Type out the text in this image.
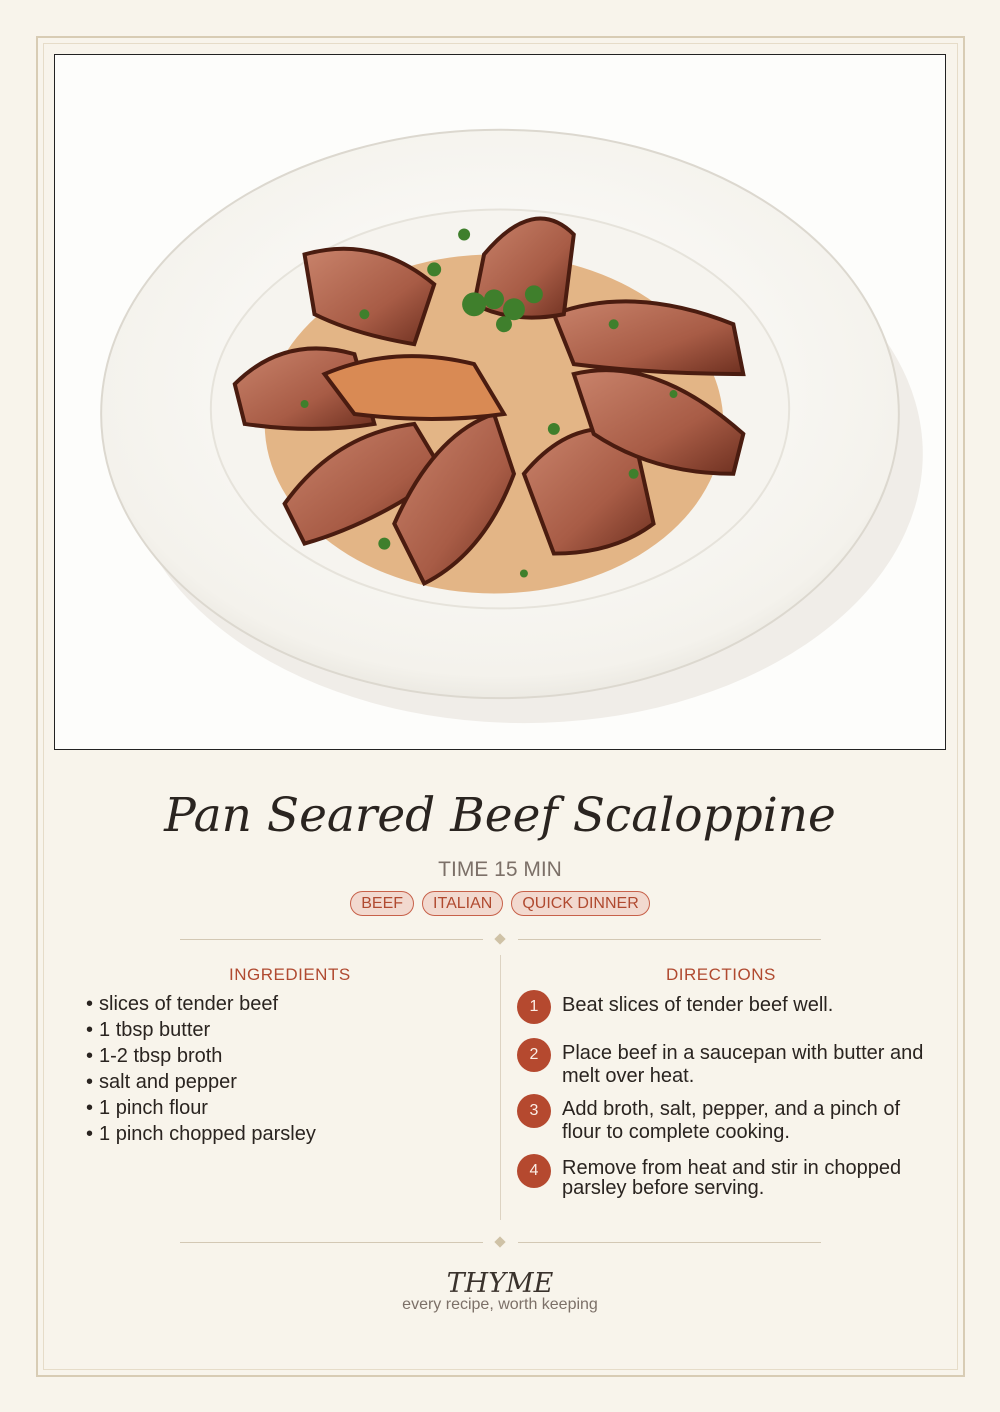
Pan Seared Beef Scaloppine
TIME 15 MIN
BEEF	ITALIAN	QUICK DINNER
INGREDIENTS	DIRECTIONS
• slices of tender beef
• 1 tbsp butter
• 1-2 tbsp broth
• salt and pepper
• 1 pinch flour
• 1 pinch chopped parsley
1	Beat slices of tender beef well.
2	Place beef in a saucepan with butter and melt over heat.
3	Add broth, salt, pepper, and a pinch of flour to complete cooking.
4	Remove from heat and stir in chopped parsley before serving.
THYME
every recipe, worth keeping
